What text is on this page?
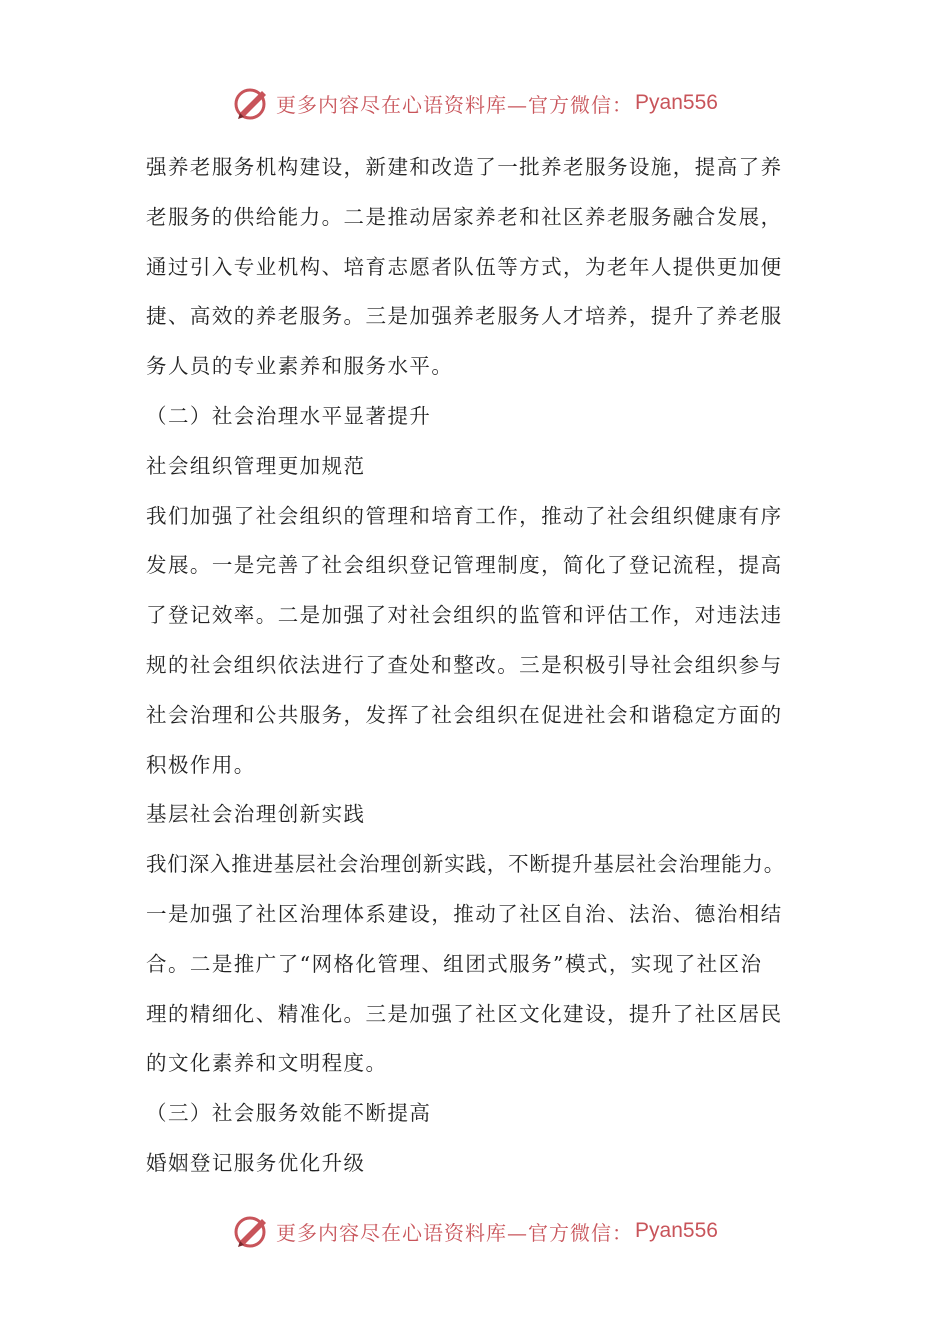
更多内容尽在心语资料库—官方微信： Pyan556
强养老服务机构建设，新建和改造了一批养老服务设施，提高了养
老服务的供给能力。二是推动居家养老和社区养老服务融合发展，
通过引入专业机构、培育志愿者队伍等方式，为老年人提供更加便
捷、高效的养老服务。三是加强养老服务人才培养，提升了养老服
务人员的专业素养和服务水平。
（二）社会治理水平显著提升
社会组织管理更加规范
我们加强了社会组织的管理和培育工作，推动了社会组织健康有序
发展。一是完善了社会组织登记管理制度，简化了登记流程，提高
了登记效率。二是加强了对社会组织的监管和评估工作，对违法违
规的社会组织依法进行了查处和整改。三是积极引导社会组织参与
社会治理和公共服务，发挥了社会组织在促进社会和谐稳定方面的
积极作用。
基层社会治理创新实践
我们深入推进基层社会治理创新实践，不断提升基层社会治理能力。
一是加强了社区治理体系建设，推动了社区自治、法治、德治相结
合。二是推广了“网格化管理、组团式服务”模式，实现了社区治
理的精细化、精准化。三是加强了社区文化建设，提升了社区居民
的文化素养和文明程度。
（三）社会服务效能不断提高
婚姻登记服务优化升级
更多内容尽在心语资料库—官方微信： Pyan556
